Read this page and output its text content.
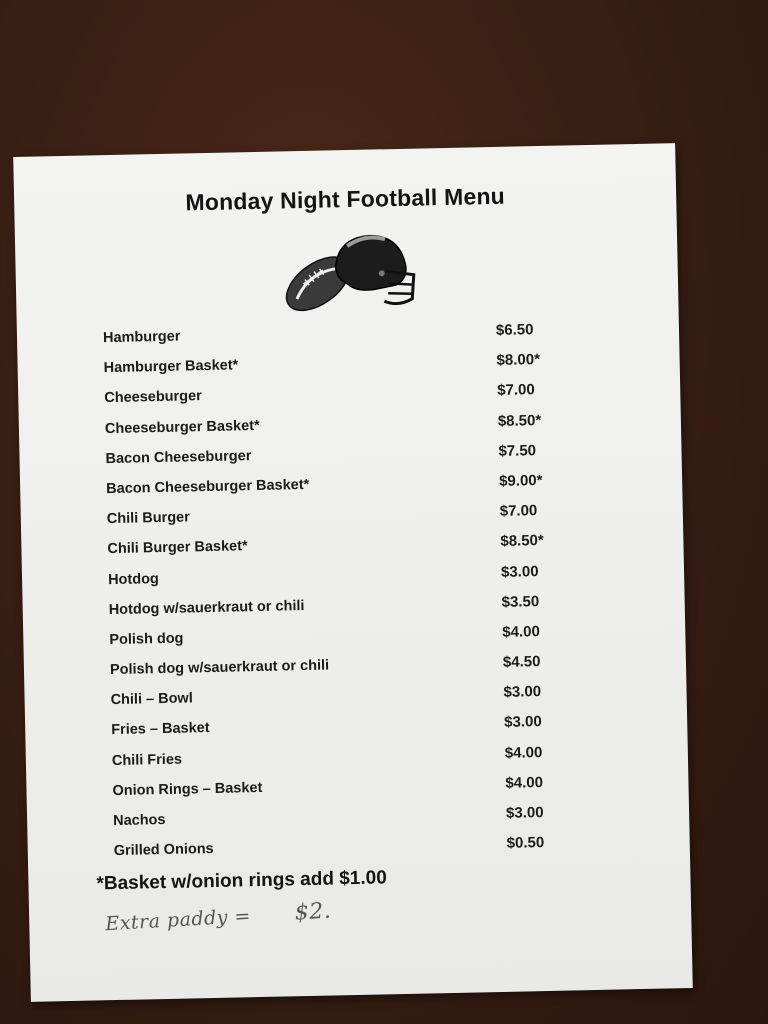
Monday Night Football Menu
Hamburger	$6.50
Hamburger Basket*	$8.00*
Cheeseburger	$7.00
Cheeseburger Basket*	$8.50*
Bacon Cheeseburger	$7.50
Bacon Cheeseburger Basket*	$9.00*
Chili Burger	$7.00
Chili Burger Basket*	$8.50*
Hotdog	$3.00
Hotdog w/sauerkraut or chili	$3.50
Polish dog	$4.00
Polish dog w/sauerkraut or chili	$4.50
Chili – Bowl	$3.00
Fries – Basket	$3.00
Chili Fries	$4.00
Onion Rings – Basket	$4.00
Nachos	$3.00
Grilled Onions	$0.50
*Basket w/onion rings add $1.00
Extra paddy = $2.
